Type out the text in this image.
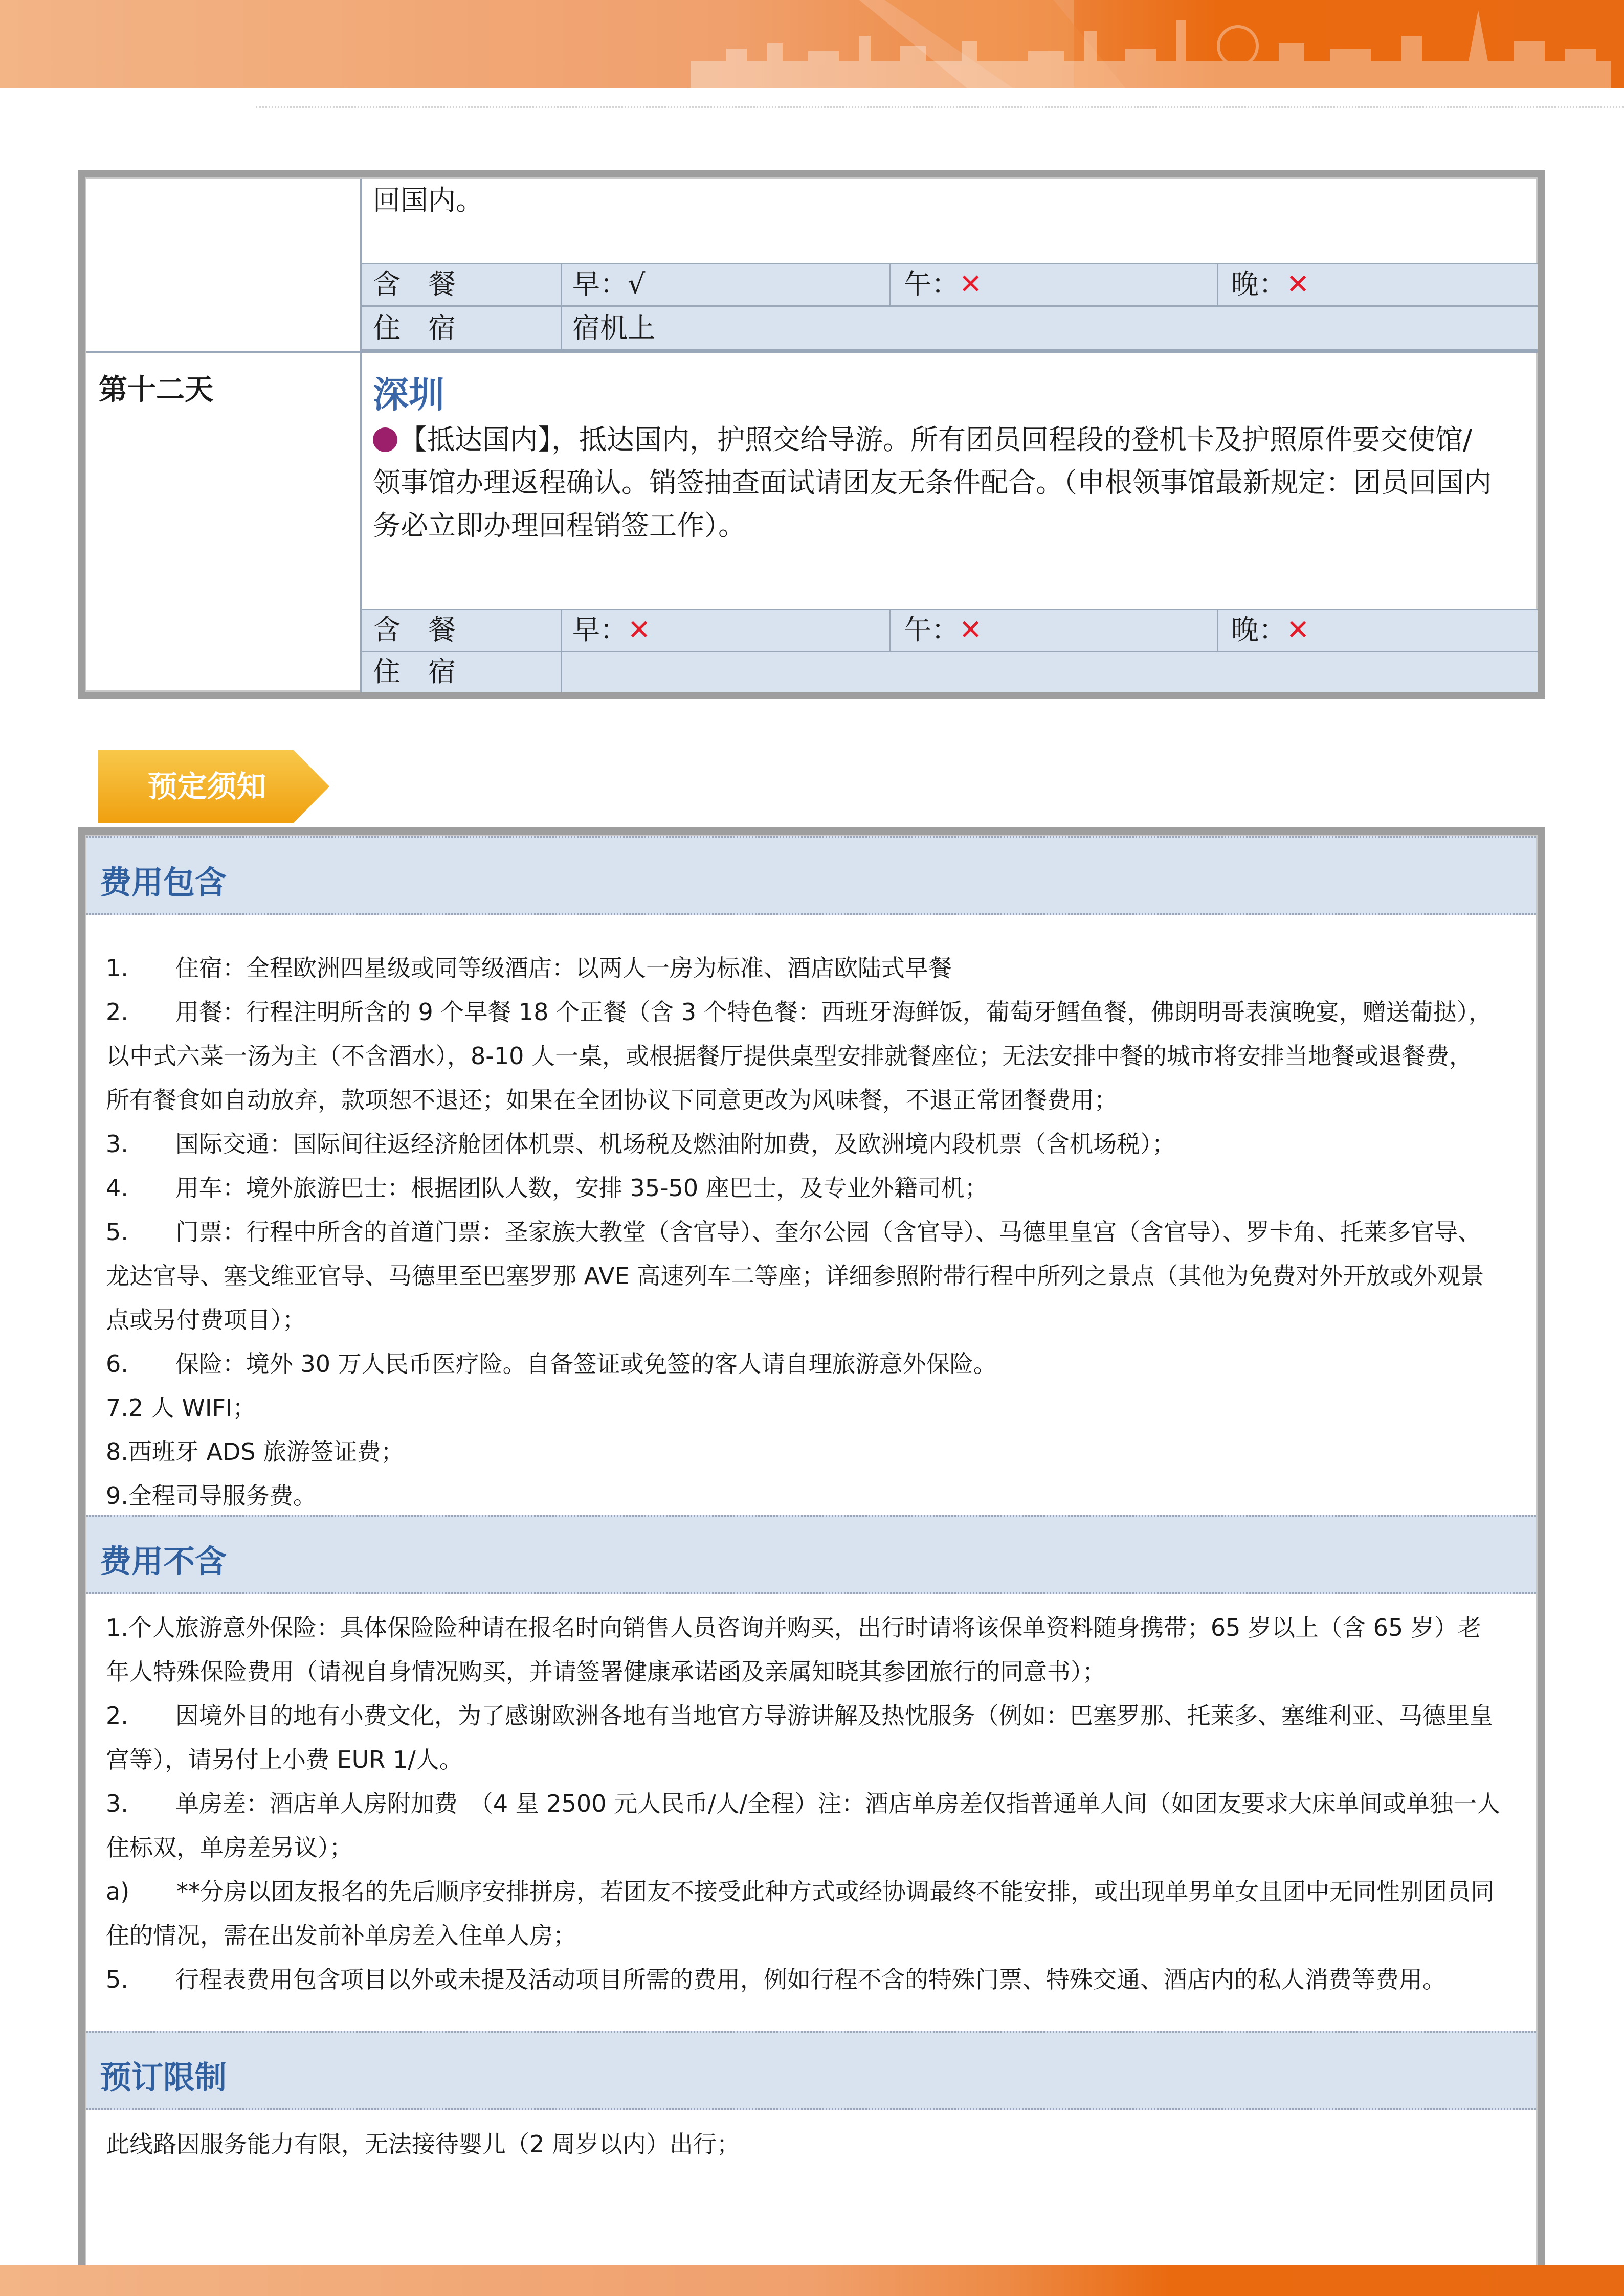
回国内。
含　餐	早：√	午：✕	晚：✕
住　宿	宿机上
第十二天	深圳
【抵达国内】，抵达国内，护照交给导游。所有团员回程段的登机卡及护照原件要交使馆/
领事馆办理返程确认。销签抽查面试请团友无条件配合。（申根领事馆最新规定：团员回国内
务必立即办理回程销签工作）。
含　餐	早：✕	午：✕	晚：✕
住　宿
预定须知
费用包含
1.　　住宿：全程欧洲四星级或同等级酒店：以两人一房为标准、酒店欧陆式早餐
2.　　用餐：行程注明所含的 9 个早餐 18 个正餐（含 3 个特色餐：西班牙海鲜饭，葡萄牙鳕鱼餐，佛朗明哥表演晚宴，赠送葡挞），
以中式六菜一汤为主（不含酒水），8-10 人一桌，或根据餐厅提供桌型安排就餐座位；无法安排中餐的城市将安排当地餐或退餐费，
所有餐食如自动放弃，款项恕不退还；如果在全团协议下同意更改为风味餐，不退正常团餐费用；
3.　　国际交通：国际间往返经济舱团体机票、机场税及燃油附加费，及欧洲境内段机票（含机场税）；
4.　　用车：境外旅游巴士：根据团队人数，安排 35-50 座巴士，及专业外籍司机；
5.　　门票：行程中所含的首道门票：圣家族大教堂（含官导）、奎尔公园（含官导）、马德里皇宫（含官导）、罗卡角、托莱多官导、
龙达官导、塞戈维亚官导、马德里至巴塞罗那 AVE 高速列车二等座；详细参照附带行程中所列之景点（其他为免费对外开放或外观景
点或另付费项目）；
6.　　保险：境外 30 万人民币医疗险。自备签证或免签的客人请自理旅游意外保险。
7.2 人 WIFI；
8.西班牙 ADS 旅游签证费；
9.全程司导服务费。
费用不含
1.个人旅游意外保险：具体保险险种请在报名时向销售人员咨询并购买，出行时请将该保单资料随身携带；65 岁以上（含 65 岁）老
年人特殊保险费用（请视自身情况购买，并请签署健康承诺函及亲属知晓其参团旅行的同意书）；
2.　　因境外目的地有小费文化，为了感谢欧洲各地有当地官方导游讲解及热忱服务（例如：巴塞罗那、托莱多、塞维利亚、马德里皇
宫等），请另付上小费 EUR 1/人。
3.　　单房差：酒店单人房附加费　（4 星 2500 元人民币/人/全程）注：酒店单房差仅指普通单人间（如团友要求大床单间或单独一人
住标双，单房差另议）；
a)　　**分房以团友报名的先后顺序安排拼房，若团友不接受此种方式或经协调最终不能安排，或出现单男单女且团中无同性别团员同
住的情况，需在出发前补单房差入住单人房；
5.　　行程表费用包含项目以外或未提及活动项目所需的费用，例如行程不含的特殊门票、特殊交通、酒店内的私人消费等费用。
预订限制
此线路因服务能力有限，无法接待婴儿（2 周岁以内）出行；
